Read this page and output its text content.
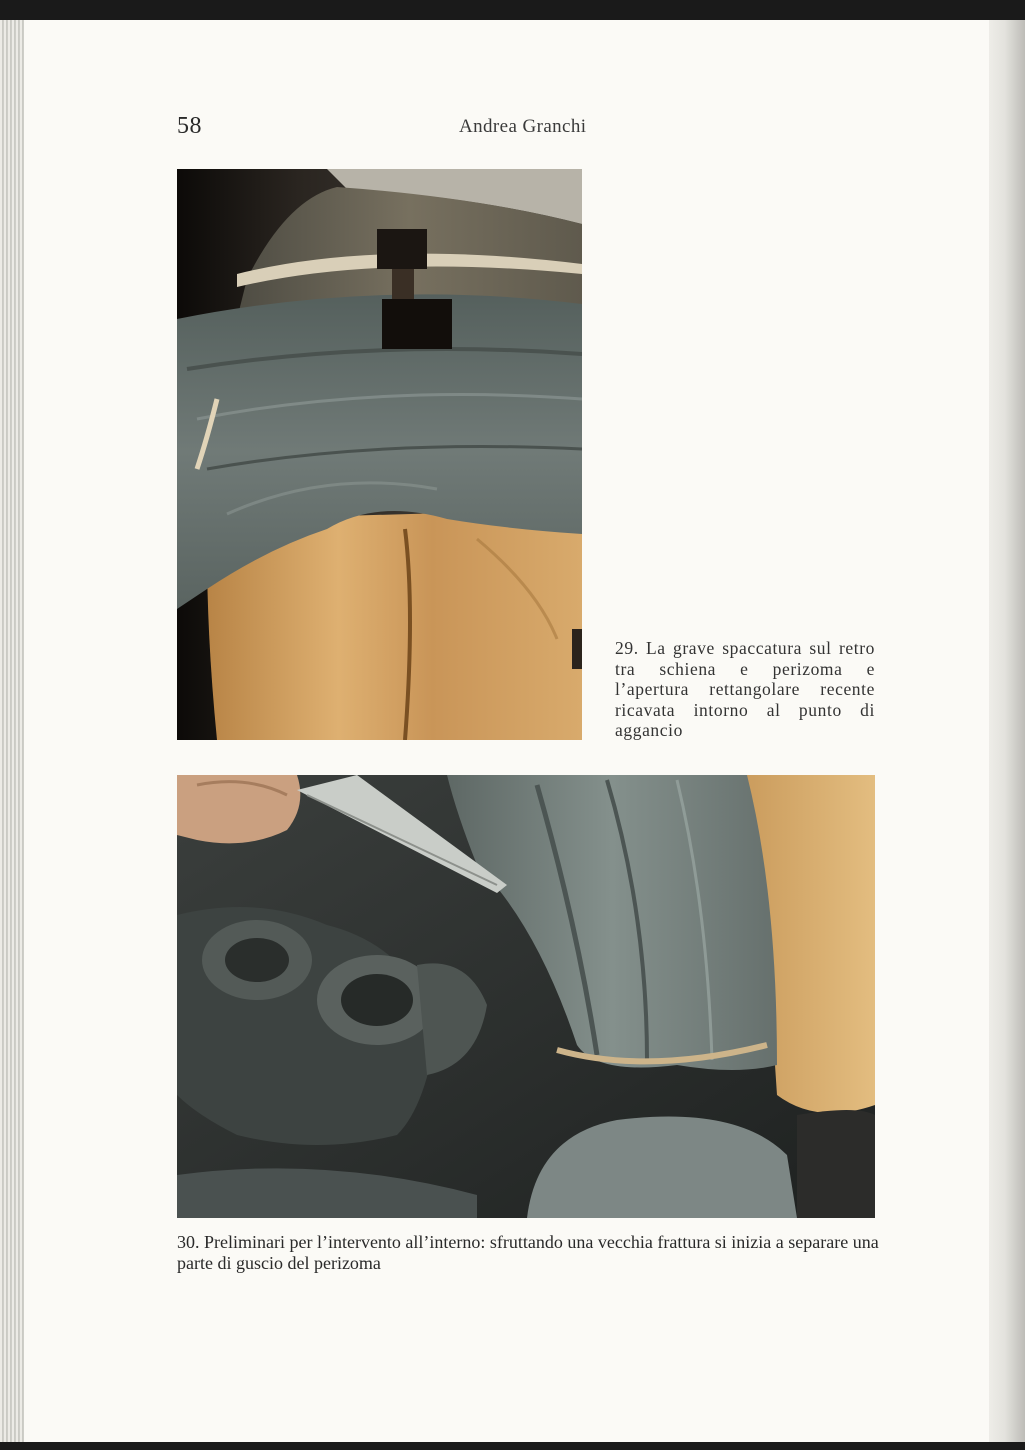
58	Andrea Granchi
29. La grave spaccatura sul retro tra schiena e perizoma e l’apertura rettangolare recente ricavata intorno al punto di aggancio
30. Preliminari per l’intervento all’interno: sfruttando una vecchia frattura si inizia a separare una parte di guscio del perizoma
